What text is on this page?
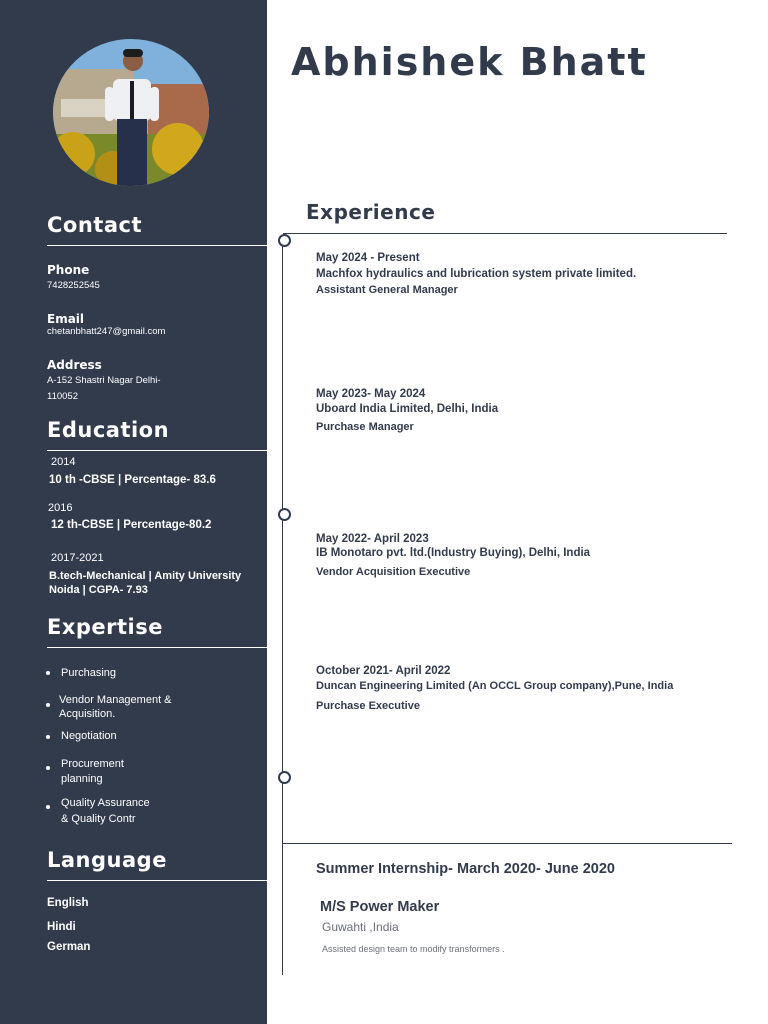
Contact
Phone
7428252545
Email
chetanbhatt247@gmail.com
Address
A-152 Shastri Nagar Delhi-
110052
Education
2014
10 th -CBSE | Percentage- 83.6
2016
12 th-CBSE | Percentage-80.2
2017-2021
B.tech-Mechanical | Amity University
Noida | CGPA- 7.93
Expertise
Purchasing
Vendor Management &
Acquisition.
Negotiation
Procurement
planning
Quality Assurance
& Quality Contr
Language
English
Hindi
German
Abhishek Bhatt
Experience
May 2024 - Present
Machfox hydraulics and lubrication system private limited.
Assistant General Manager
May 2023- May 2024
Uboard India Limited, Delhi, India
Purchase Manager
May 2022- April 2023
IB Monotaro pvt. ltd.(Industry Buying), Delhi, India
Vendor Acquisition Executive
October 2021- April 2022
Duncan Engineering Limited (An OCCL Group company),Pune, India
Purchase Executive
Summer Internship- March 2020- June 2020
M/S Power Maker
Guwahti ,India
Assisted design team to modify transformers .
